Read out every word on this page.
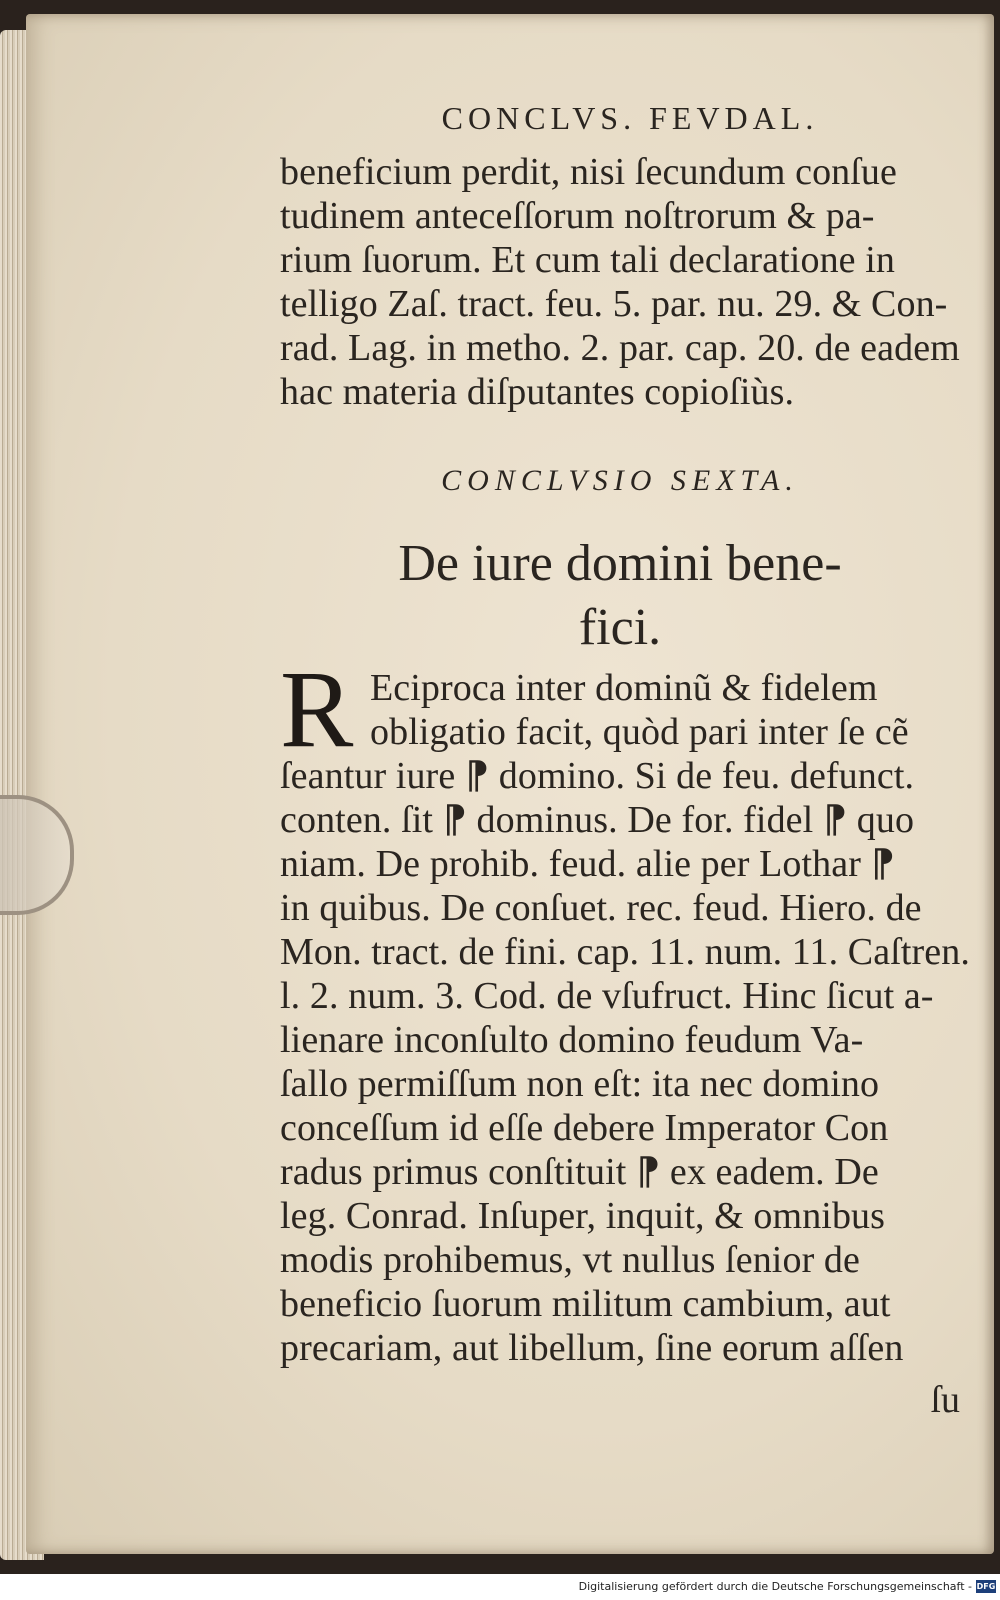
CONCLVS. FEVDAL.
beneficium perdit, nisi ſecundum conſue
tudinem anteceſſorum noſtrorum & pa-
rium ſuorum. Et cum tali declaratione in
telligo Zaſ. tract. feu. 5. par. nu. 29. & Con-
rad. Lag. in metho. 2. par. cap. 20. de eadem
hac materia diſputantes copioſiùs.
CONCLVSIO SEXTA.
De iure domini bene-
fici.
R Eciproca inter dominũ & fidelem
obligatio facit, quòd pari inter ſe cẽ
ſeantur iure ⁋ domino. Si de feu. defunct.
conten. ſit ⁋ dominus. De for. fidel ⁋ quo
niam. De prohib. feud. alie per Lothar ⁋
in quibus. De conſuet. rec. feud. Hiero. de
Mon. tract. de fini. cap. 11. num. 11. Caſtren.
l. 2. num. 3. Cod. de vſufruct. Hinc ſicut a-
lienare inconſulto domino feudum Va-
ſallo permiſſum non eſt: ita nec domino
conceſſum id eſſe debere Imperator Con
radus primus conſtituit ⁋ ex eadem. De
leg. Conrad. Inſuper, inquit, & omnibus
modis prohibemus, vt nullus ſenior de
beneficio ſuorum militum cambium, aut
precariam, aut libellum, ſine eorum aſſen
ſu
Digitalisierung gefördert durch die Deutsche Forschungsgemeinschaft - DFG
